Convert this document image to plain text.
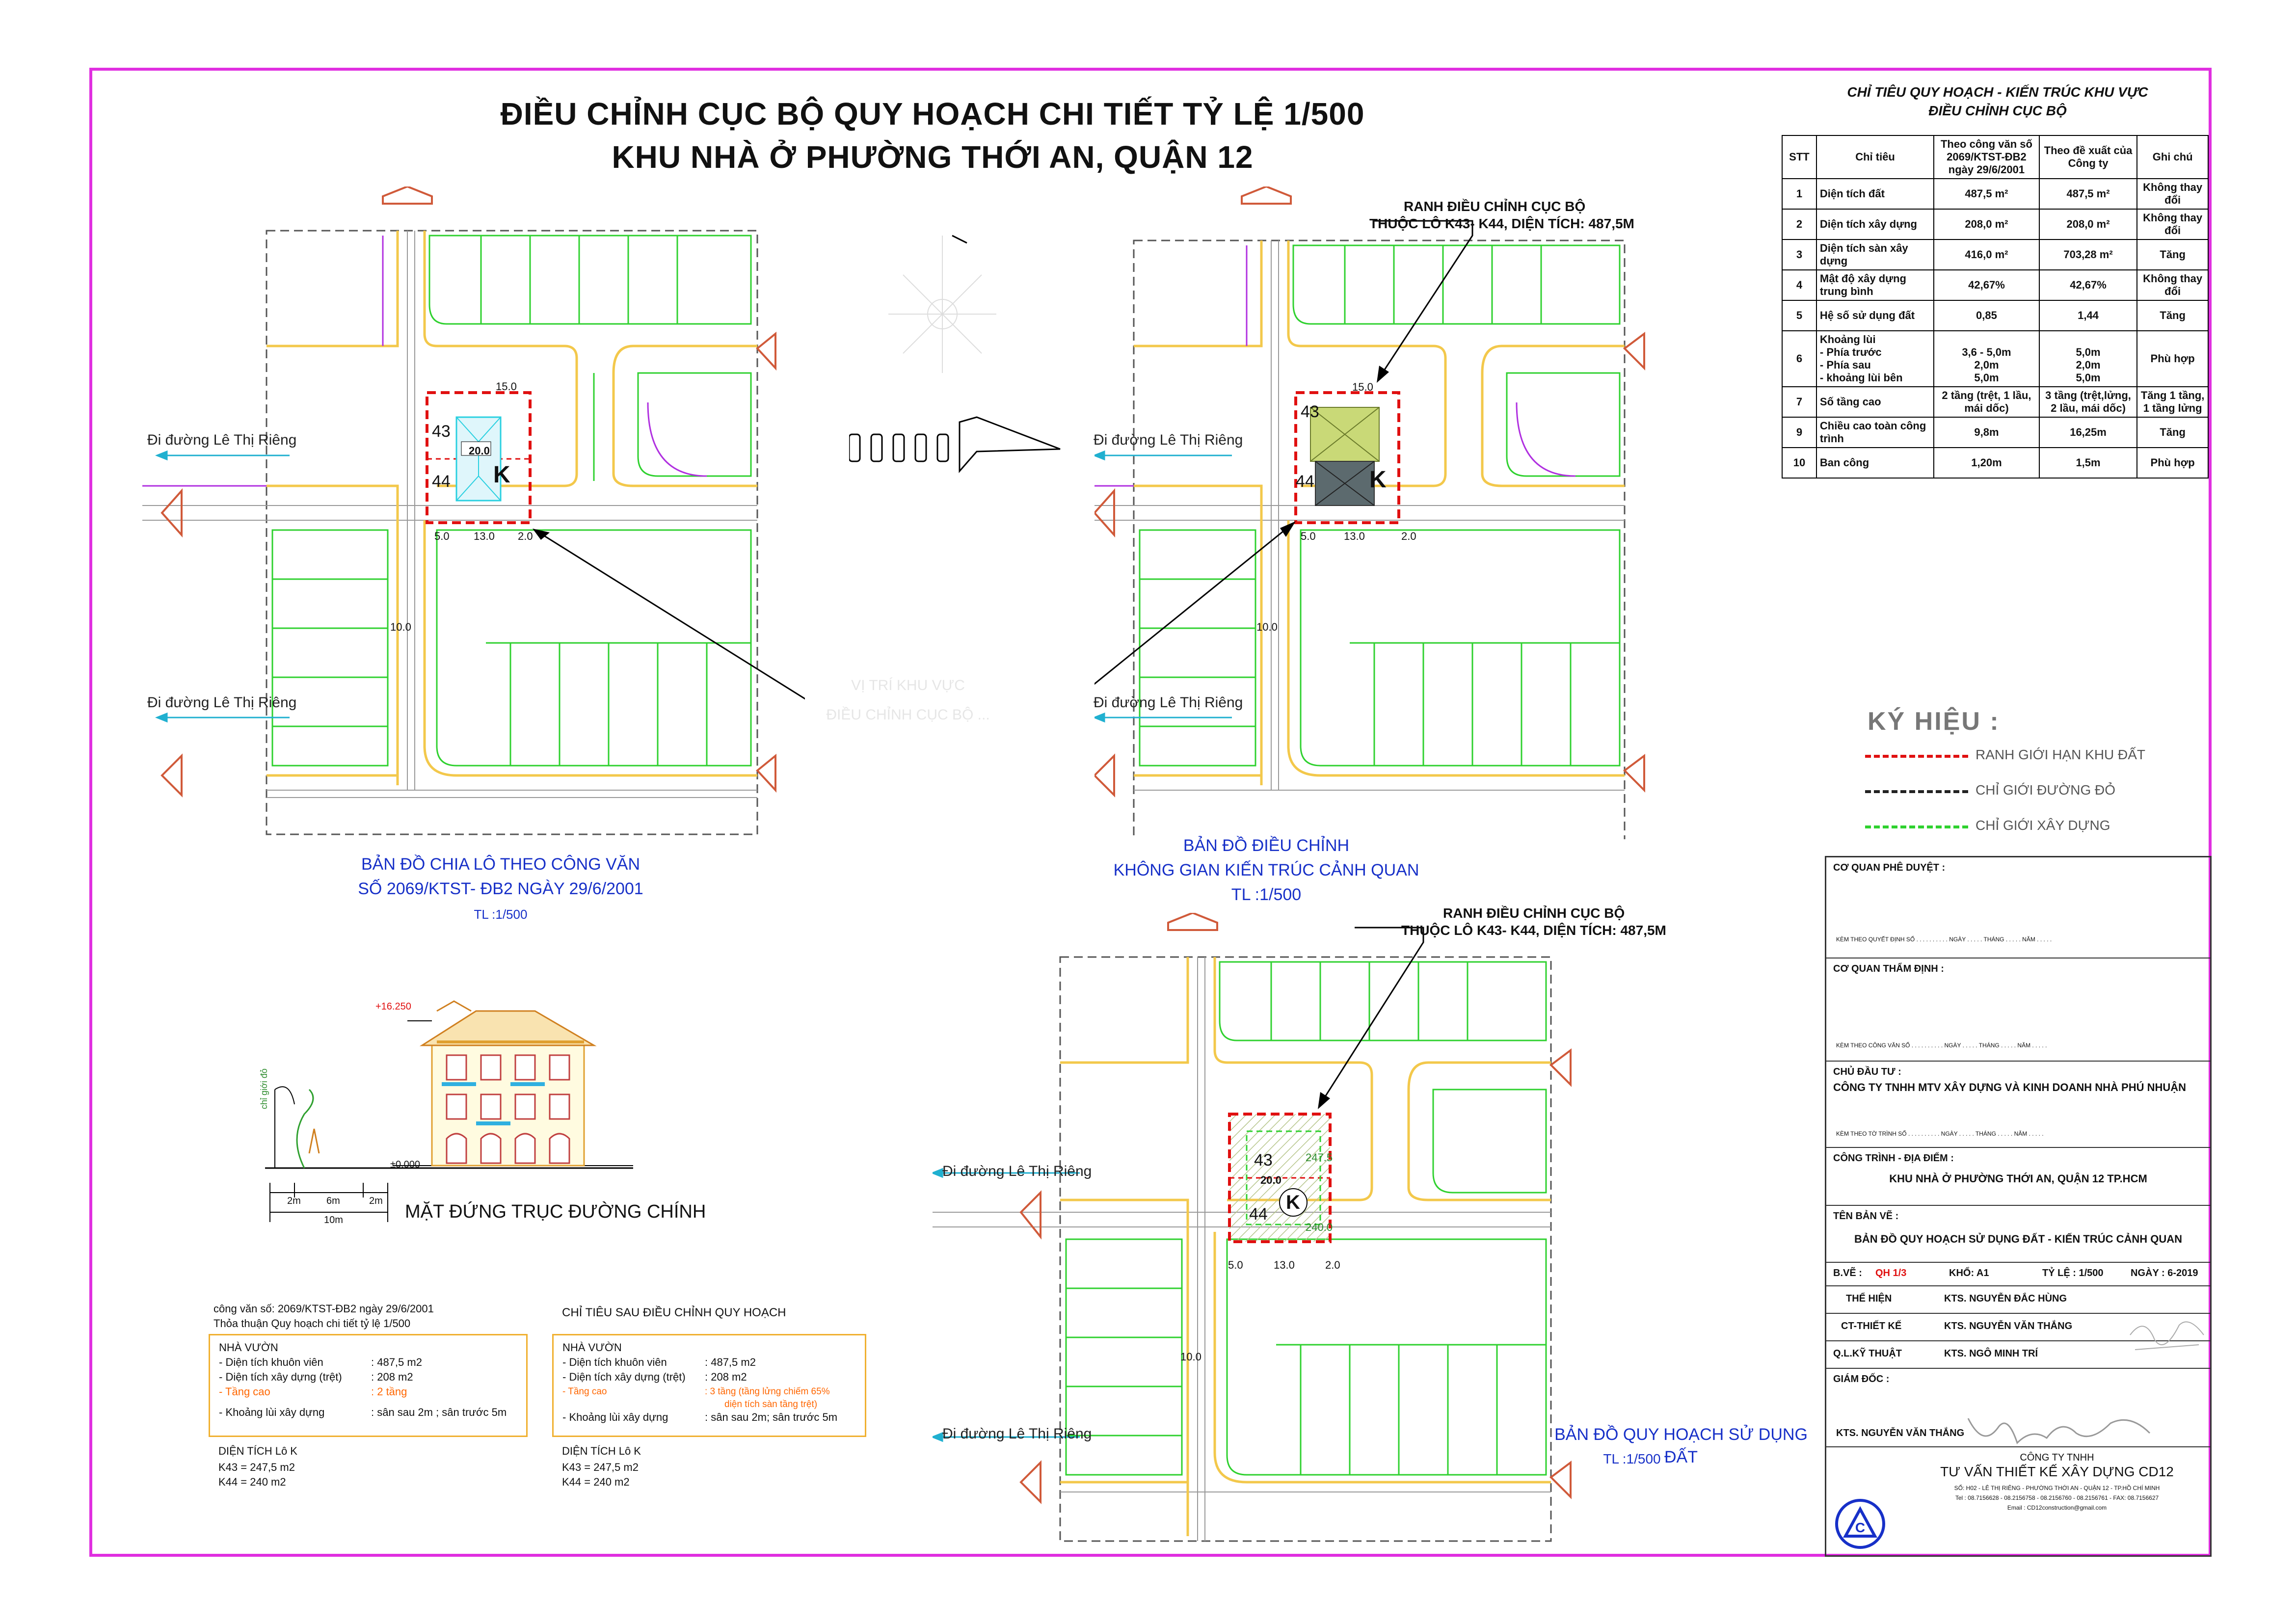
ĐIỀU CHỈNH CỤC BỘ QUY HOẠCH CHI TIẾT TỶ LỆ 1/500
KHU NHÀ Ở PHƯỜNG THỚI AN, QUẬN 12
Đi đường Lê Thị Riêng
Đi đường Lê Thị Riêng
43
44 K
20.0
15.0
5.0 13.0 2.0
10.0
BẢN ĐỒ CHIA LÔ THEO CÔNG VĂN
SỐ 2069/KTST- ĐB2 NGÀY 29/6/2001
TL :1/500
VỊ TRÍ KHU VỰC
ĐIỀU CHỈNH CỤC BỘ ...
RANH ĐIỀU CHỈNH CỤC BỘ
THUỘC LÔ K43- K44, DIỆN TÍCH: 487,5M
Đi đường Lê Thị Riêng
Đi đường Lê Thị Riêng
43
44 K
15.0
5.0	13.0	2.0
10.0
BẢN ĐỒ ĐIỀU CHỈNH
KHÔNG GIAN KIẾN TRÚC CẢNH QUAN
TL :1/500
RANH ĐIỀU CHỈNH CỤC BỘ
THUỘC LÔ K43- K44, DIỆN TÍCH: 487,5M
Đi đường Lê Thị Riêng
Đi đường Lê Thị Riêng
43
44
K
20.0
247.5
240.0
5.0	13.0	2.0
10.0
BẢN ĐỒ QUY HOẠCH SỬ DỤNG ĐẤT
TL :1/500
+16.250
±0.000
chỉ giới đỏ
2m	6m	2m
10m	MẶT ĐỨNG TRỤC ĐƯỜNG CHÍNH
công văn số: 2069/KTST-ĐB2 ngày 29/6/2001
Thỏa thuận Quy hoạch chi tiết tỷ lệ 1/500
NHÀ VƯỜN
- Diện tích khuôn viên	: 487,5 m2
- Diện tích xây dựng (trệt)	: 208 m2
- Tầng cao	: 2 tầng
- Khoảng lùi xây dựng	: sân sau 2m ; sân trước 5m
DIỆN TÍCH Lô K
K43 = 247,5 m2
K44 = 240 m2
CHỈ TIÊU SAU ĐIỀU CHỈNH QUY HOẠCH
NHÀ VƯỜN
- Diện tích khuôn viên	: 487,5 m2
- Diện tích xây dựng (trệt) : 208 m2
- Tầng cao	: 3 tầng (tầng lửng chiếm 65%
diện tích sàn tầng trệt)

- Khoảng lùi xây dựng	: sân sau 2m; sân trước 5m
DIỆN TÍCH Lô K
K43 = 247,5 m2
K44 = 240 m2
CHỈ TIÊU QUY HOẠCH - KIẾN TRÚC KHU VỰC
ĐIỀU CHỈNH CỤC BỘ
STT	Chỉ tiêu	Theo công văn số 2069/KTST-ĐB2 ngày 29/6/2001	Theo đề xuất của Công ty	Ghi chú
1	Diện tích đất	487,5 m²	487,5 m²	Không thay đổi
2	Diện tích xây dựng	208,0 m²	208,0 m²	Không thay đổi
3	Diện tích sàn xây dựng	416,0 m²	703,28 m²	Tăng
4	Mật độ xây dựng trung bình	42,67%	42,67%	Không thay đổi
5	Hệ số sử dụng đất	0,85	1,44	Tăng
6	Khoảng lùi
- Phía trước
- Phía sau
- khoảng lùi bên	3,6 - 5,0m
2,0m
5,0m	5,0m
2,0m
5,0m	Phù hợp
7	Số tầng cao	2 tầng (trệt, 1 lầu, mái dốc)	3 tầng (trệt,lửng, 2 lầu, mái dốc)	Tăng 1 tầng, 1 tầng lửng
9	Chiều cao toàn công trình	9,8m	16,25m	Tăng
10	Ban công	1,20m	1,5m	Phù hợp
KÝ HIỆU :
RANH GIỚI HẠN KHU ĐẤT
CHỈ GIỚI ĐƯỜNG ĐỎ
CHỈ GIỚI XÂY DỰNG
CƠ QUAN PHÊ DUYỆT :
KÈM THEO QUYẾT ĐỊNH SỐ . . . . . . . . . . NGÀY . . . . . THÁNG . . . . . NĂM . . . . .
CƠ QUAN THẨM ĐỊNH :
KÈM THEO CÔNG VĂN SỐ . . . . . . . . . . NGÀY . . . . . THÁNG . . . . . NĂM . . . . .
CHỦ ĐẦU TƯ :
CÔNG TY TNHH MTV XÂY DỰNG VÀ KINH DOANH NHÀ PHÚ NHUẬN
KÈM THEO TỜ TRÌNH SỐ . . . . . . . . . . NGÀY . . . . . THÁNG . . . . . NĂM . . . . .
CÔNG TRÌNH - ĐỊA ĐIỂM :
KHU NHÀ Ở PHƯỜNG THỚI AN, QUẬN 12 TP.HCM
TÊN BẢN VẼ :
BẢN ĐỒ QUY HOẠCH SỬ DỤNG ĐẤT - KIẾN TRÚC CẢNH QUAN
B.VẼ : QH 1/3	KHỔ: A1	TỶ LỆ : 1/500	NGÀY : 6-2019
THỂ HIỆN	KTS. NGUYỄN ĐẮC HÙNG
CT-THIẾT KẾ	KTS. NGUYỄN VĂN THẮNG
Q.L.KỸ THUẬT	KTS. NGÔ MINH TRÍ
GIÁM ĐỐC :
KTS. NGUYỄN VĂN THẮNG
CÔNG TY TNHH
TƯ VẤN THIẾT KẾ XÂY DỰNG CD12
SỐ: H02 - LÊ THỊ RIÊNG - PHƯỜNG THỚI AN - QUẬN 12 - TP.HỒ CHÍ MINH
Tel : 08.7156628 - 08.2156758 - 08.2156760 - 08.2156761 - FAX: 08.7156627
Email : CD12construction@gmail.com
C
